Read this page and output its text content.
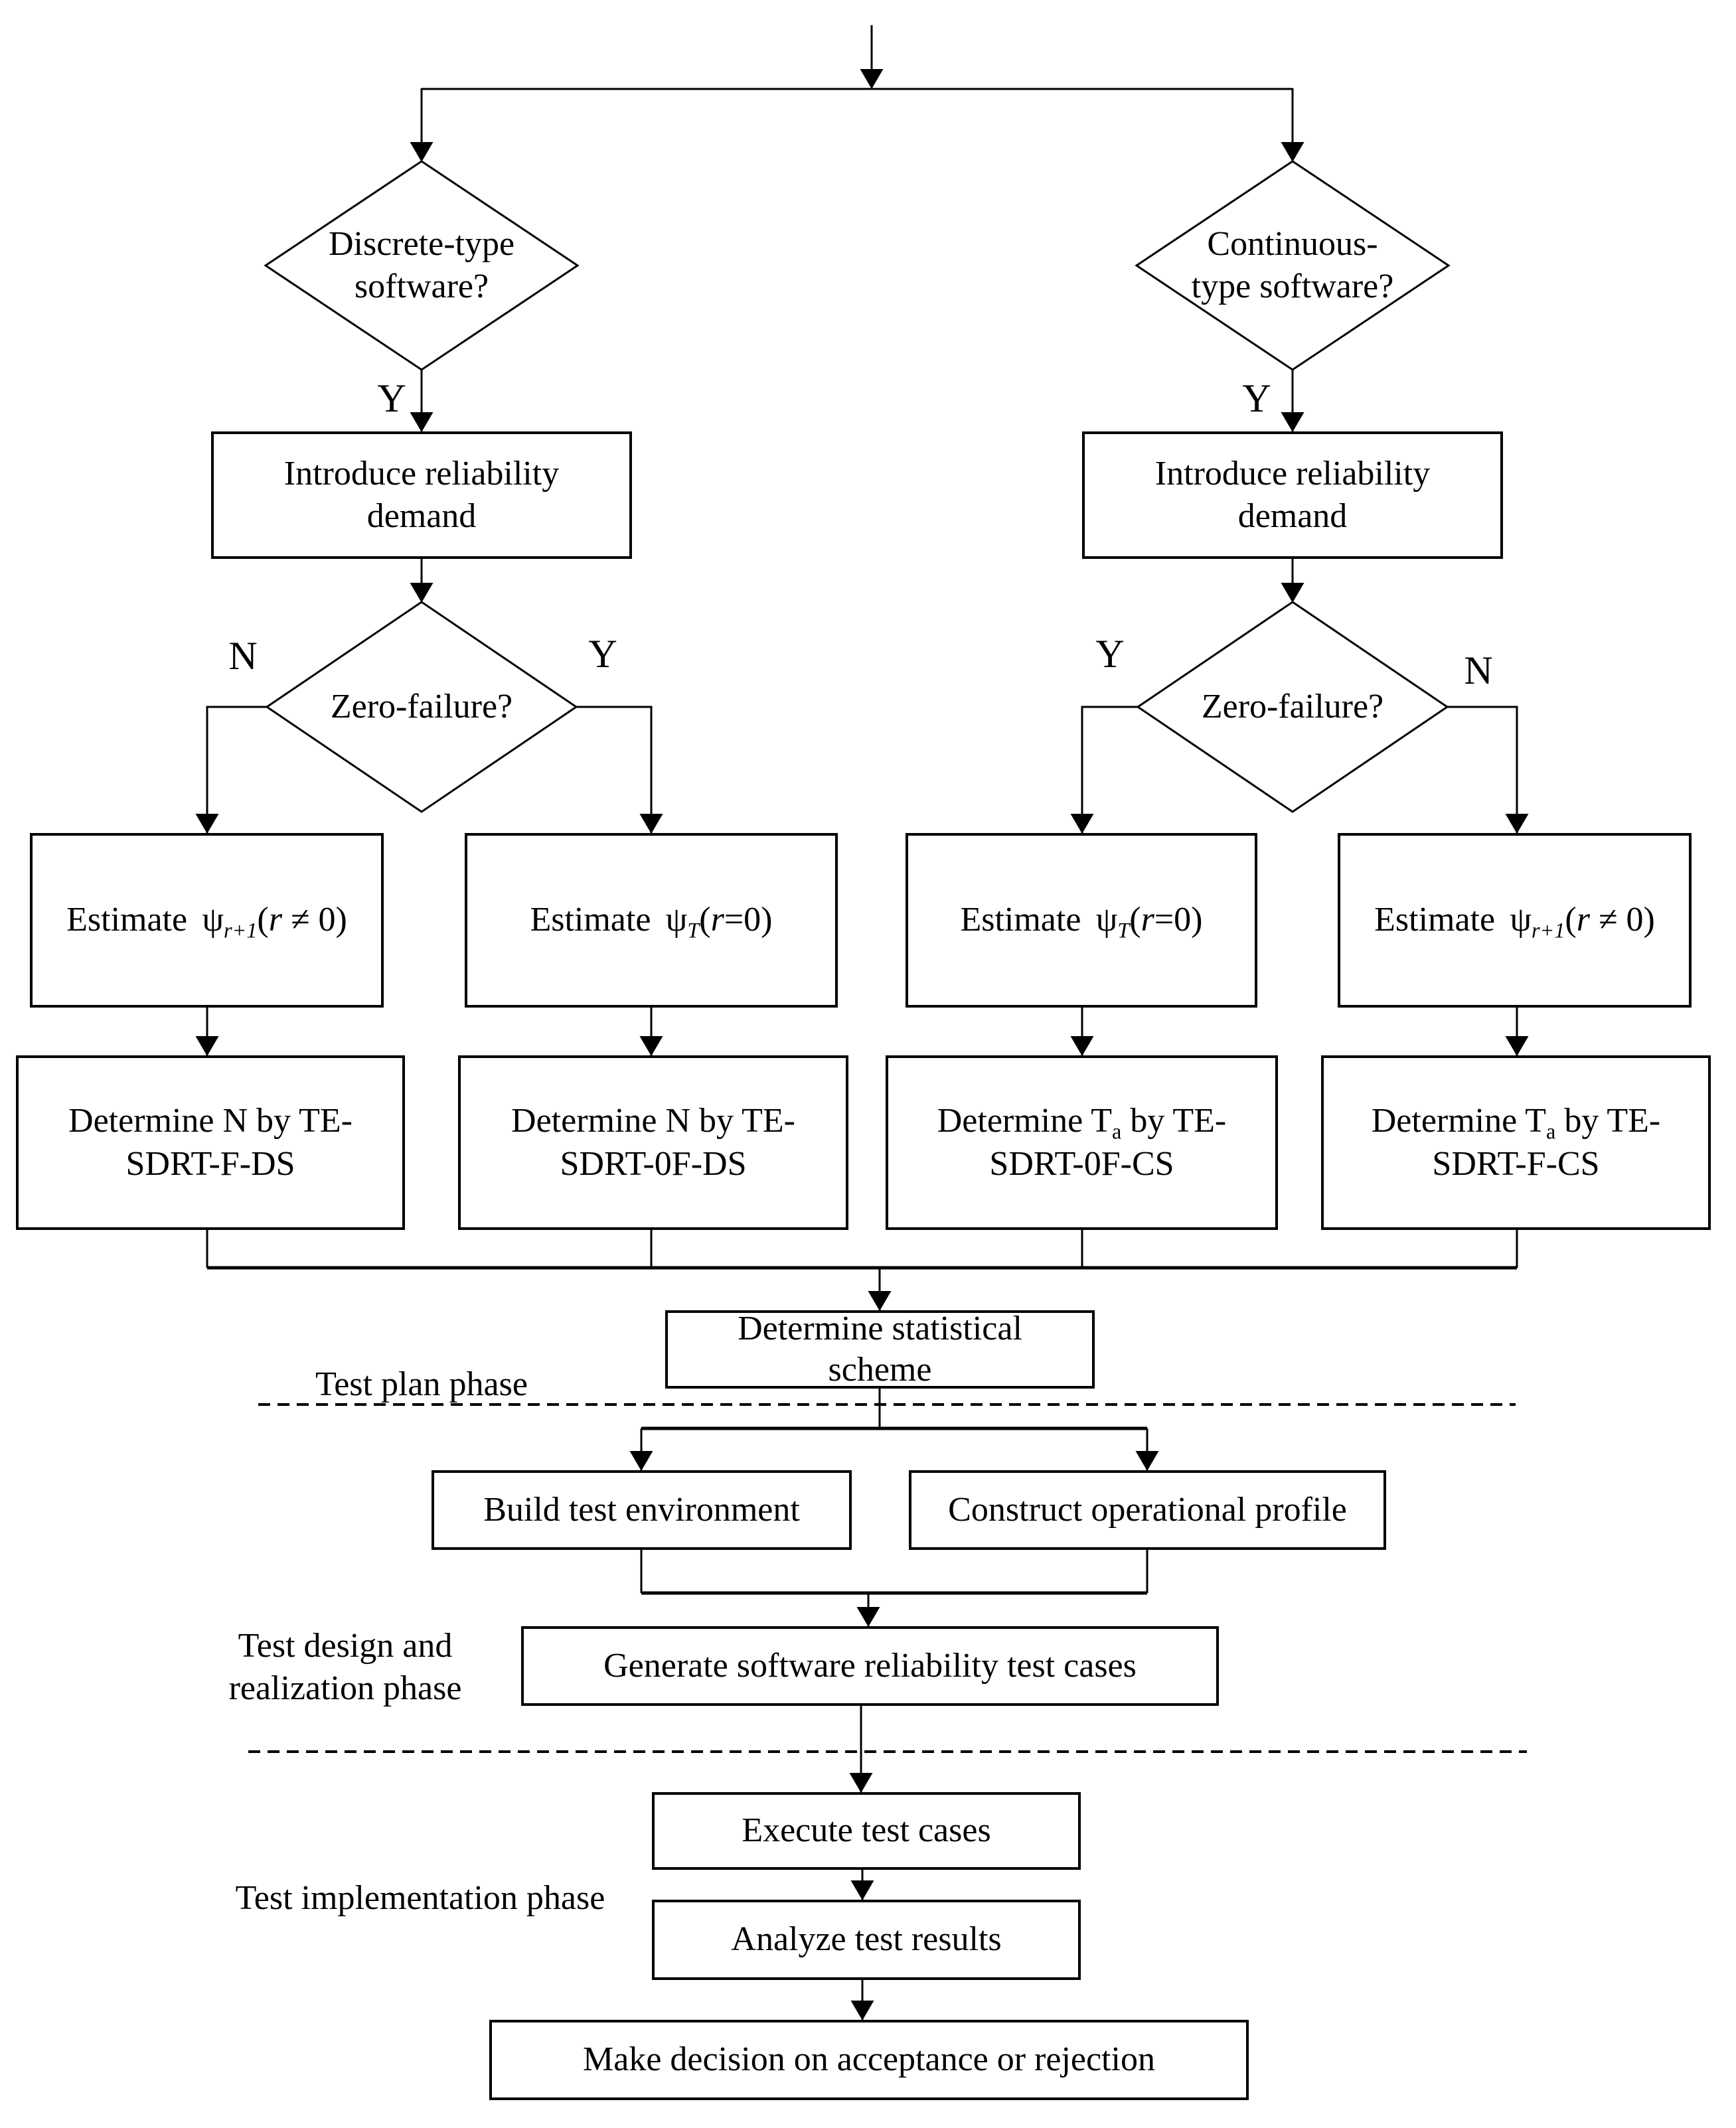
Discrete-type
software?
Continuous-
type software?
Zero-failure?	Zero-failure?
Y	Y
N	Y	Y	N
Introduce reliability
demand
Introduce reliability
demand
Estimate $\psi_{r+1}(r \ne 0)$	Estimate $\psi_T(r=0)$	Estimate $\psi_T(r=0)$	Estimate $\psi_{r+1}(r \ne 0)$
Determine N by TE-
SDRT-F-DS
Determine N by TE-
SDRT-0F-DS
Determine $T_a$ by TE-
SDRT-0F-CS
Determine $T_a$ by TE-
SDRT-F-CS
Determine statistical
scheme
Test plan phase
Test design and
realization phase
Test implementation phase
Build test environment	Construct operational profile
Generate software reliability test cases
Execute test cases
Analyze test results
Make decision on acceptance or rejection
